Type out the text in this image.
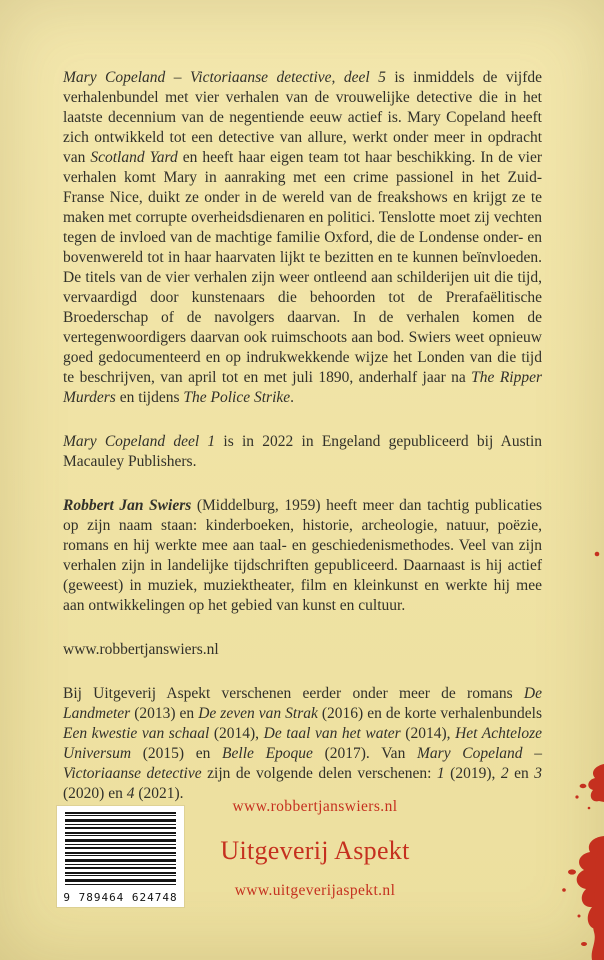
Mary Copeland – Victoriaanse detective, deel 5 is inmiddels de vijfde verhalenbundel met vier verhalen van de vrouwelijke detective die in het laatste decennium van de negentiende eeuw actief is. Mary Copeland heeft zich ontwikkeld tot een detective van allure, werkt onder meer in opdracht van Scotland Yard en heeft haar eigen team tot haar beschikking. In de vier verhalen komt Mary in aanraking met een crime passionel in het Zuid-Franse Nice, duikt ze onder in de wereld van de freakshows en krijgt ze te maken met corrupte overheidsdienaren en politici. Tenslotte moet zij vechten tegen de invloed van de machtige familie Oxford, die de Londense onder- en bovenwereld tot in haar haarvaten lijkt te bezitten en te kunnen beïnvloeden. De titels van de vier verhalen zijn weer ontleend aan schilderijen uit die tijd, vervaardigd door kunstenaars die behoorden tot de Prerafaëlitische Broederschap of de navolgers daarvan. In de verhalen komen de vertegenwoordigers daarvan ook ruimschoots aan bod. Swiers weet opnieuw goed gedocumenteerd en op indrukwekkende wijze het Londen van die tijd te beschrijven, van april tot en met juli 1890, anderhalf jaar na The Ripper Murders en tijdens The Police Strike.

Mary Copeland deel 1 is in 2022 in Engeland gepubliceerd bij Austin Macauley Publishers.

Robbert Jan Swiers (Middelburg, 1959) heeft meer dan tachtig publicaties op zijn naam staan: kinderboeken, historie, archeologie, natuur, poëzie, romans en hij werkte mee aan taal- en geschiedenismethodes. Veel van zijn verhalen zijn in landelijke tijdschriften gepubliceerd. Daarnaast is hij actief (geweest) in muziek, muziektheater, film en kleinkunst en werkte hij mee aan ontwikkelingen op het gebied van kunst en cultuur.

www.robbertjanswiers.nl

Bij Uitgeverij Aspekt verschenen eerder onder meer de romans De Landmeter (2013) en De zeven van Strak (2016) en de korte verhalenbundels Een kwestie van schaal (2014), De taal van het water (2014), Het Achteloze Universum (2015) en Belle Epoque (2017). Van Mary Copeland – Victoriaanse detective zijn de volgende delen verschenen: 1 (2019), 2 en 3 (2020) en 4 (2021).

9 789464 624748
www.robbertjanswiers.nl
Uitgeverij Aspekt
www.uitgeverijaspekt.nl
